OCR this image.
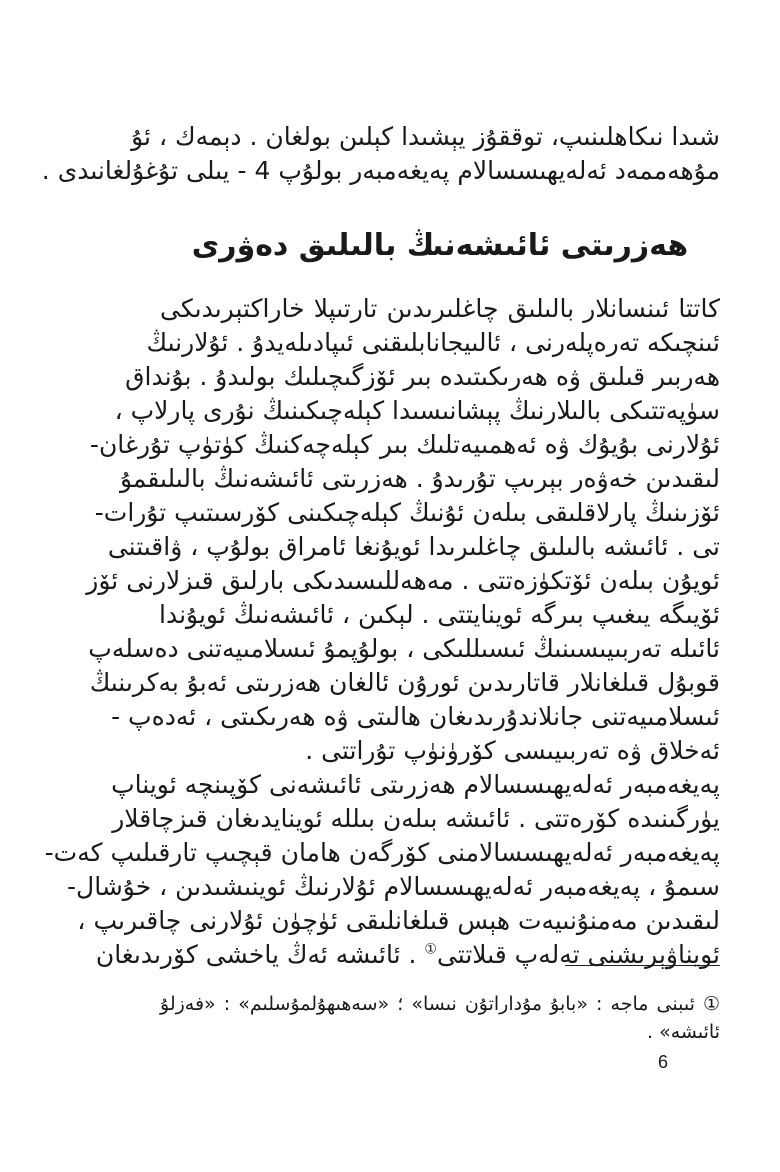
شىدا نىكاھلىنىپ، توققۇز يېشىدا كېلىن بولغان . دېمەك ، ئۇ
مۇھەممەد ئەلەيھىسسالام پەيغەمبەر بولۇپ 4 - يىلى تۇغۇلغانىدى .
ھەزرىتى ئائىشەنىڭ بالىلىق دەۋرى
كاتتا ئىنسانلار بالىلىق چاغلىرىدىن تارتىپلا خاراكتېرىدىكى
ئىنچىكە تەرەپلەرنى ، ئالىيجانابلىقنى ئىپادىلەيدۇ . ئۇلارنىڭ
ھەربىر قىلىق ۋە ھەرىكىتىدە بىر ئۆزگىچىلىك بولىدۇ . بۇنداق
سۈپەتتىكى بالىلارنىڭ پېشانىسىدا كېلەچىكىنىڭ نۇرى پارلاپ ،
ئۇلارنى بۇيۇك ۋە ئەھمىيەتلىك بىر كېلەچەكنىڭ كۈتۈپ تۇرغان-
لىقىدىن خەۋەر بېرىپ تۇرىدۇ . ھەزرىتى ئائىشەنىڭ بالىلىقمۇ
ئۆزىنىڭ پارلاقلىقى بىلەن ئۇنىڭ كېلەچىكىنى كۆرسىتىپ تۇرات-
تى . ئائىشە بالىلىق چاغلىرىدا ئويۇنغا ئامراق بولۇپ ، ۋاقىتنى
ئويۇن بىلەن ئۆتكۈزەتتى . مەھەللىسىدىكى بارلىق قىزلارنى ئۆز
ئۆيىگە يىغىپ بىرگە ئوينايتتى . لېكىن ، ئائىشەنىڭ ئويۇندا
ئائىلە تەربىيىسىنىڭ ئىسىللىكى ، بولۇپمۇ ئىسلامىيەتنى دەسلەپ
قوبۇل قىلغانلار قاتارىدىن ئورۇن ئالغان ھەزرىتى ئەبۇ بەكرىنىڭ
ئىسلامىيەتنى جانلاندۇرىدىغان ھالىتى ۋە ھەرىكىتى ، ئەدەپ -
ئەخلاق ۋە تەربىيىسى كۆرۈنۈپ تۇراتتى .
پەيغەمبەر ئەلەيھىسسالام ھەزرىتى ئائىشەنى كۆپىنچە ئويناپ
يۈرگىنىدە كۆرەتتى . ئائىشە بىلەن بىللە ئوينايدىغان قىزچاقلار
پەيغەمبەر ئەلەيھىسسالامنى كۆرگەن ھامان قېچىپ تارقىلىپ كەت-
سىمۇ ، پەيغەمبەر ئەلەيھىسسالام ئۇلارنىڭ ئوينىشىدىن ، خۇشال-
لىقىدىن مەمنۇنىيەت ھېس قىلغانلىقى ئۈچۈن ئۇلارنى چاقىرىپ ،
ئويناۋېرىشنى تەلەپ قىلاتتى① . ئائىشە ئەڭ ياخشى كۆرىدىغان
① ئىبنى ماجە : «بابۇ مۇداراتۇن نىسا» ؛ «سەھىھۇلمۇسلىم» : «فەزلۇ
ئائىشە» .
6
